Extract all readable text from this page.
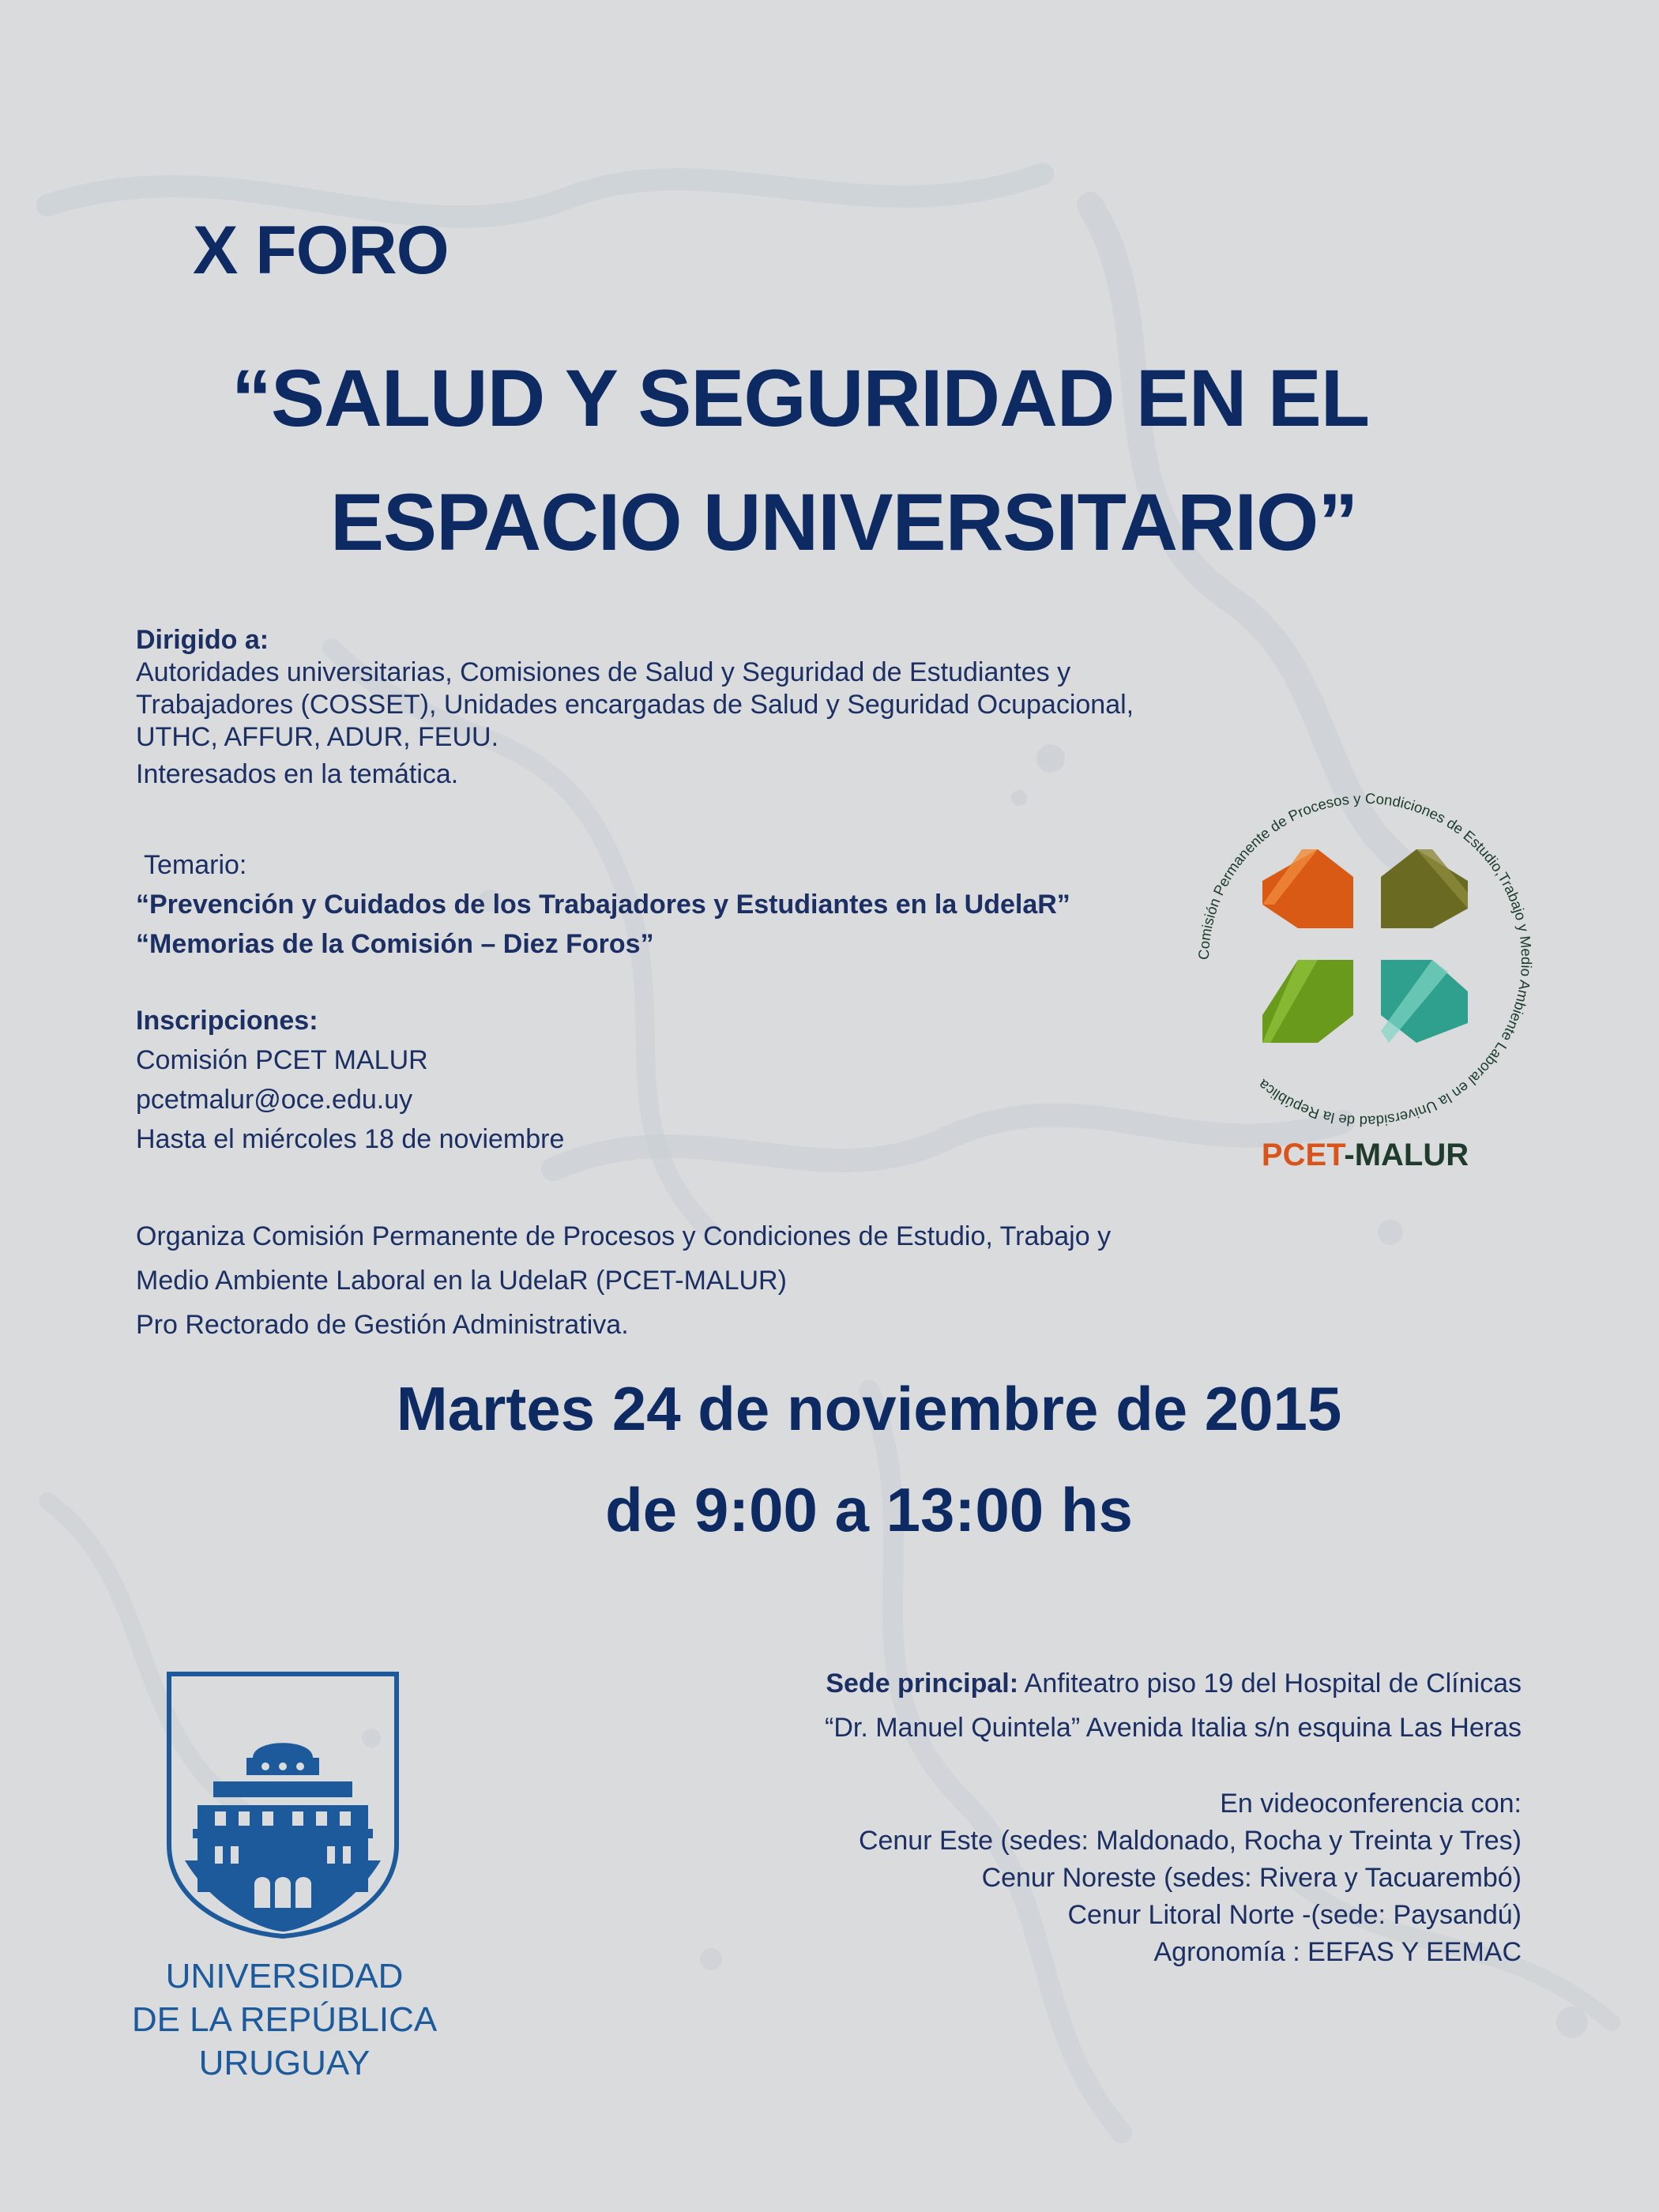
X FORO
“SALUD Y SEGURIDAD EN EL
ESPACIO UNIVERSITARIO”
Dirigido a:
Autoridades universitarias, Comisiones de Salud y Seguridad de Estudiantes y
Trabajadores (COSSET), Unidades encargadas de Salud y Seguridad Ocupacional,
UTHC, AFFUR, ADUR, FEUU.
Interesados en la temática.
Temario:
“Prevención y Cuidados de los Trabajadores y Estudiantes en la UdelaR”
“Memorias de la Comisión – Diez Foros”
Inscripciones:
Comisión PCET MALUR
pcetmalur@oce.edu.uy
Hasta el miércoles 18 de noviembre
Organiza Comisión Permanente de Procesos y Condiciones de Estudio, Trabajo y
Medio Ambiente Laboral en la UdelaR (PCET-MALUR)
Pro Rectorado de Gestión Administrativa.
Martes 24 de noviembre de 2015
de 9:00 a 13:00 hs
Sede principal: Anfiteatro piso 19 del Hospital de Clínicas
“Dr. Manuel Quintela” Avenida Italia s/n esquina Las Heras
En videoconferencia con:
Cenur Este (sedes: Maldonado, Rocha y Treinta y Tres)
Cenur Noreste (sedes: Rivera y Tacuarembó)
Cenur Litoral Norte -(sede: Paysandú)
Agronomía : EEFAS Y EEMAC
Comisión Permanente de Procesos y Condiciones de Estudio,Trabajo y Medio Ambiente Laboral en la Universidad de la República
PCET-MALUR
UNIVERSIDAD
DE LA REPÚBLICA
URUGUAY
